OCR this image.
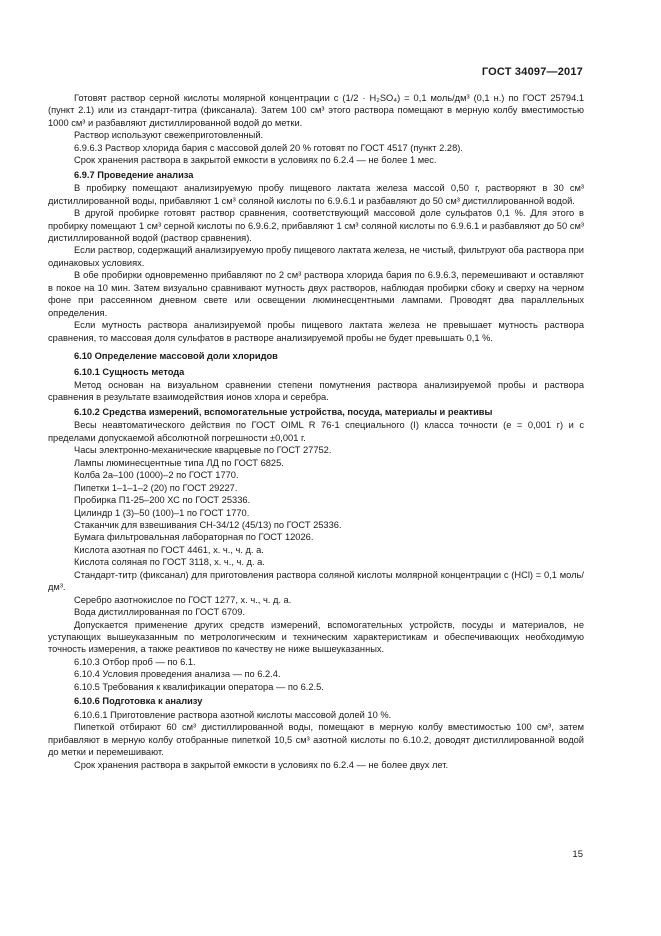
ГОСТ 34097—2017

Готовят раствор серной кислоты молярной концентрации c (1/2 · H₂SO₄) = 0,1 моль/дм³ (0,1 н.) по ГОСТ 25794.1 (пункт 2.1) или из стандарт-титра (фиксанала). Затем 100 см³ этого раствора помещают в мерную колбу вместимостью 1000 см³ и разбавляют дистиллированной водой до метки.

Раствор используют свежеприготовленный.

6.9.6.3 Раствор хлорида бария с массовой долей 20 % готовят по ГОСТ 4517 (пункт 2.28).

Срок хранения раствора в закрытой емкости в условиях по 6.2.4 — не более 1 мес.

6.9.7 Проведение анализа

В пробирку помещают анализируемую пробу пищевого лактата железа массой 0,50 г, растворяют в 30 см³ дистиллированной воды, прибавляют 1 см³ соляной кислоты по 6.9.6.1 и разбавляют до 50 см³ дистиллированной водой.

В другой пробирке готовят раствор сравнения, соответствующий массовой доле сульфатов 0,1 %. Для этого в пробирку помещают 1 см³ серной кислоты по 6.9.6.2, прибавляют 1 см³ соляной кислоты по 6.9.6.1 и разбавляют до 50 см³ дистиллированной водой (раствор сравнения).

Если раствор, содержащий анализируемую пробу пищевого лактата железа, не чистый, фильтруют оба раствора при одинаковых условиях.

В обе пробирки одновременно прибавляют по 2 см³ раствора хлорида бария по 6.9.6.3, перемешивают и оставляют в покое на 10 мин. Затем визуально сравнивают мутность двух растворов, наблюдая пробирки сбоку и сверху на черном фоне при рассеянном дневном свете или освещении люминесцентными лампами. Проводят два параллельных определения.

Если мутность раствора анализируемой пробы пищевого лактата железа не превышает мутность раствора сравнения, то массовая доля сульфатов в растворе анализируемой пробы не будет превышать 0,1 %.

6.10 Определение массовой доли хлоридов

6.10.1 Сущность метода

Метод основан на визуальном сравнении степени помутнения раствора анализируемой пробы и раствора сравнения в результате взаимодействия ионов хлора и серебра.

6.10.2 Средства измерений, вспомогательные устройства, посуда, материалы и реактивы

Весы неавтоматического действия по ГОСТ OIML R 76-1 специального (I) класса точности (e = 0,001 г) и с пределами допускаемой абсолютной погрешности ±0,001 г.

Часы электронно-механические кварцевые по ГОСТ 27752.

Лампы люминесцентные типа ЛД по ГОСТ 6825.

Колба 2а–100 (1000)–2 по ГОСТ 1770.

Пипетки 1–1–1–2 (20) по ГОСТ 29227.

Пробирка П1-25–200 ХС по ГОСТ 25336.

Цилиндр 1 (3)–50 (100)–1 по ГОСТ 1770.

Стаканчик для взвешивания СН-34/12 (45/13) по ГОСТ 25336.

Бумага фильтровальная лабораторная по ГОСТ 12026.

Кислота азотная по ГОСТ 4461, х. ч., ч. д. а.

Кислота соляная по ГОСТ 3118, х. ч., ч. д. а.

Стандарт-титр (фиксанал) для приготовления раствора соляной кислоты молярной концентрации c (HCl) = 0,1 моль/дм³.

Серебро азотнокислое по ГОСТ 1277, х. ч., ч. д. а.

Вода дистиллированная по ГОСТ 6709.

Допускается применение других средств измерений, вспомогательных устройств, посуды и материалов, не уступающих вышеуказанным по метрологическим и техническим характеристикам и обеспечивающих необходимую точность измерения, а также реактивов по качеству не ниже вышеуказанных.

6.10.3 Отбор проб — по 6.1.

6.10.4 Условия проведения анализа — по 6.2.4.

6.10.5 Требования к квалификации оператора — по 6.2.5.

6.10.6 Подготовка к анализу

6.10.6.1 Приготовление раствора азотной кислоты массовой долей 10 %.

Пипеткой отбирают 60 см³ дистиллированной воды, помещают в мерную колбу вместимостью 100 см³, затем прибавляют в мерную колбу отобранные пипеткой 10,5 см³ азотной кислоты по 6.10.2, доводят дистиллированной водой до метки и перемешивают.

Срок хранения раствора в закрытой емкости в условиях по 6.2.4 — не более двух лет.

15
